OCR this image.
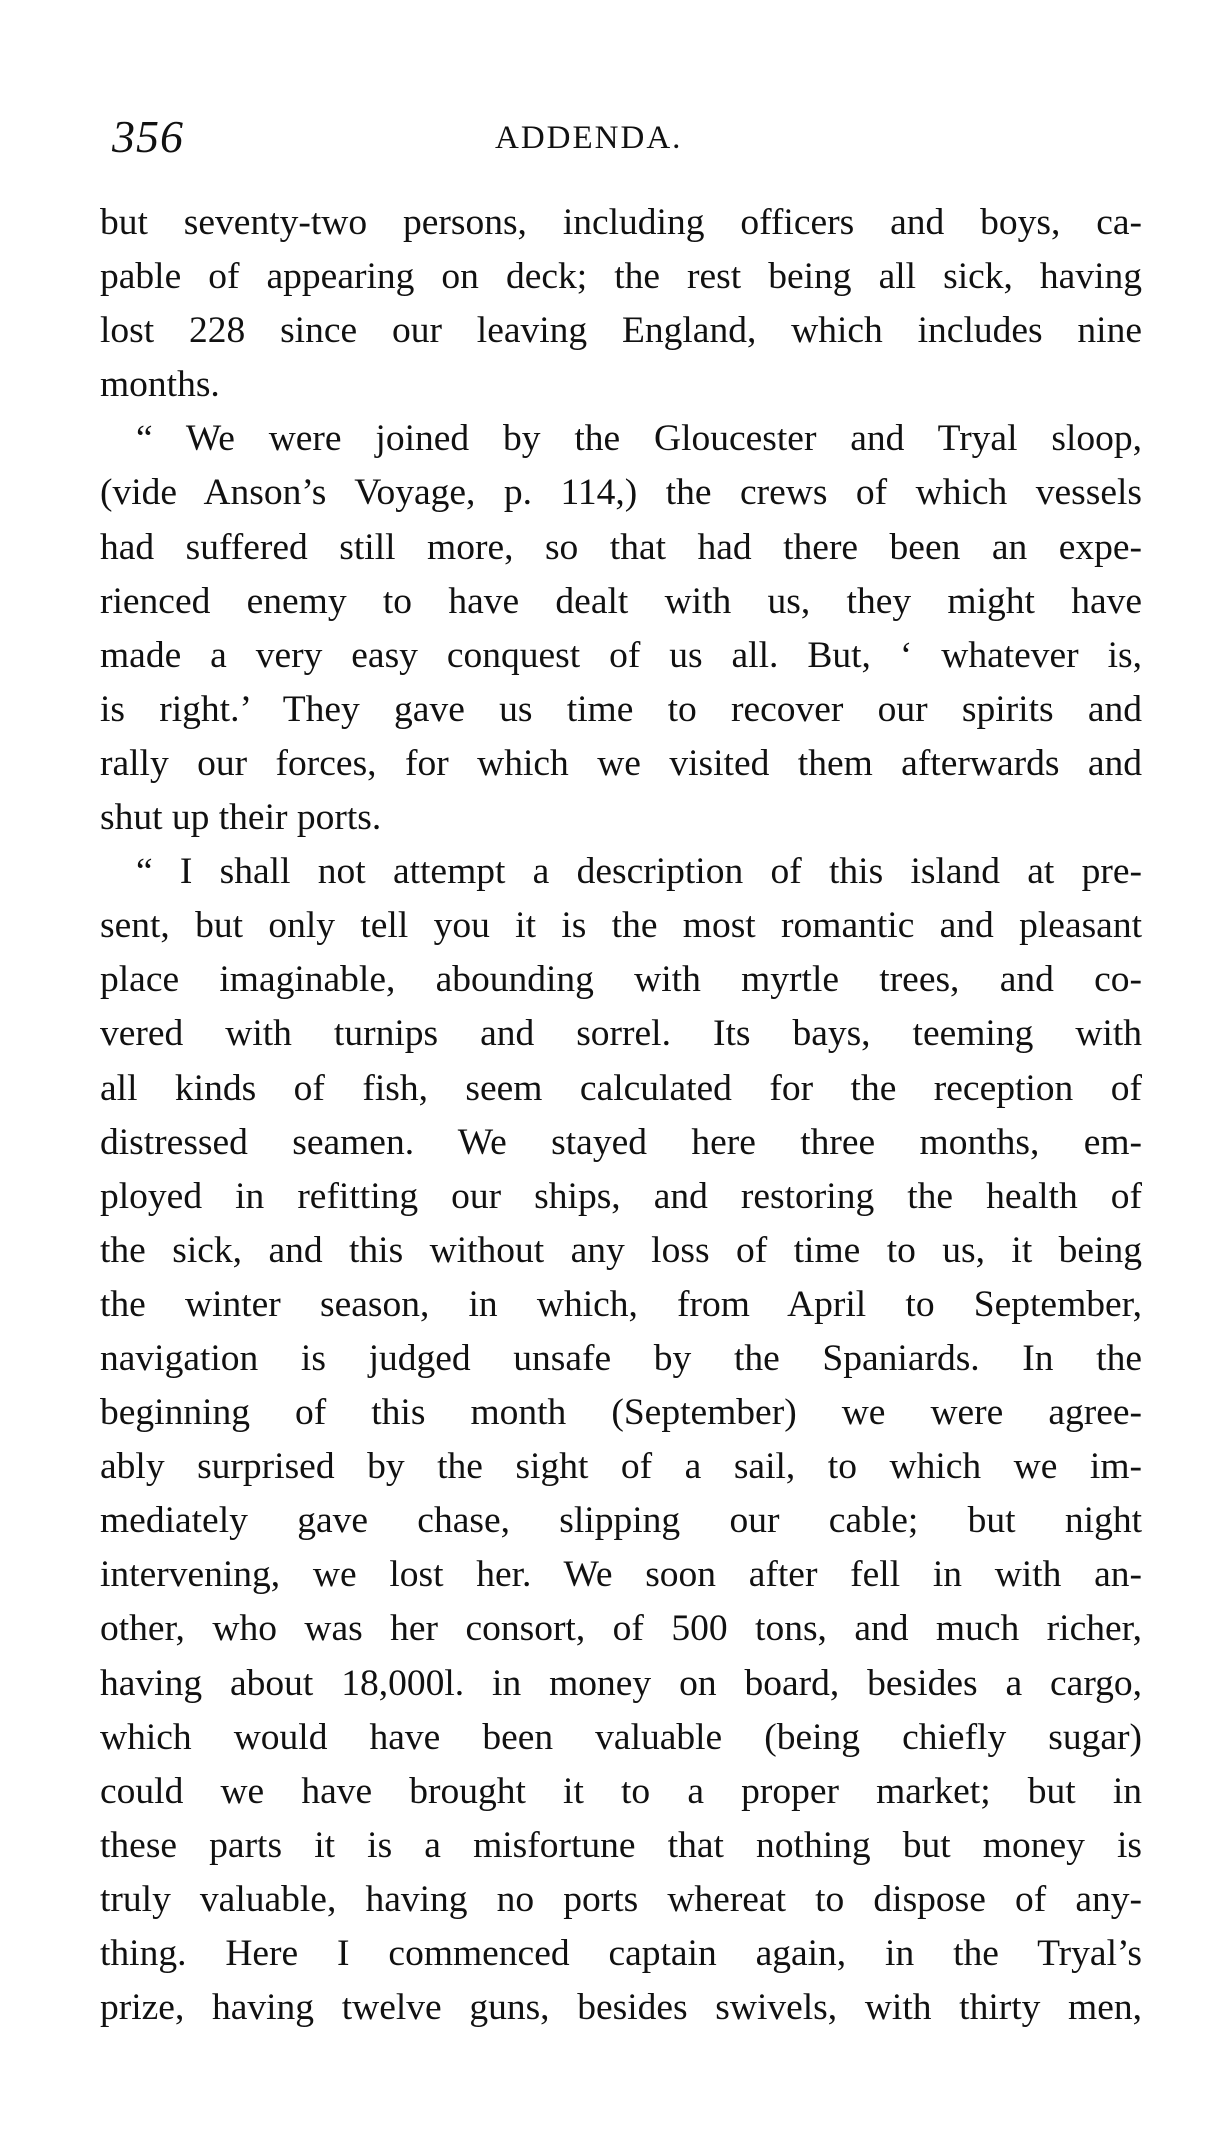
356	ADDENDA.
but seventy-two persons, including officers and boys, ca-
pable of appearing on deck; the rest being all sick, having
lost 228 since our leaving England, which includes nine
months.
“ We were joined by the Gloucester and Tryal sloop,
(vide Anson’s Voyage, p. 114,) the crews of which vessels
had suffered still more, so that had there been an expe-
rienced enemy to have dealt with us, they might have
made a very easy conquest of us all. But, ‘ whatever is,
is right.’ They gave us time to recover our spirits and
rally our forces, for which we visited them afterwards and
shut up their ports.
“ I shall not attempt a description of this island at pre-
sent, but only tell you it is the most romantic and pleasant
place imaginable, abounding with myrtle trees, and co-
vered with turnips and sorrel. Its bays, teeming with
all kinds of fish, seem calculated for the reception of
distressed seamen. We stayed here three months, em-
ployed in refitting our ships, and restoring the health of
the sick, and this without any loss of time to us, it being
the winter season, in which, from April to September,
navigation is judged unsafe by the Spaniards. In the
beginning of this month (September) we were agree-
ably surprised by the sight of a sail, to which we im-
mediately gave chase, slipping our cable; but night
intervening, we lost her. We soon after fell in with an-
other, who was her consort, of 500 tons, and much richer,
having about 18,000l. in money on board, besides a cargo,
which would have been valuable (being chiefly sugar)
could we have brought it to a proper market; but in
these parts it is a misfortune that nothing but money is
truly valuable, having no ports whereat to dispose of any-
thing. Here I commenced captain again, in the Tryal’s
prize, having twelve guns, besides swivels, with thirty men,
